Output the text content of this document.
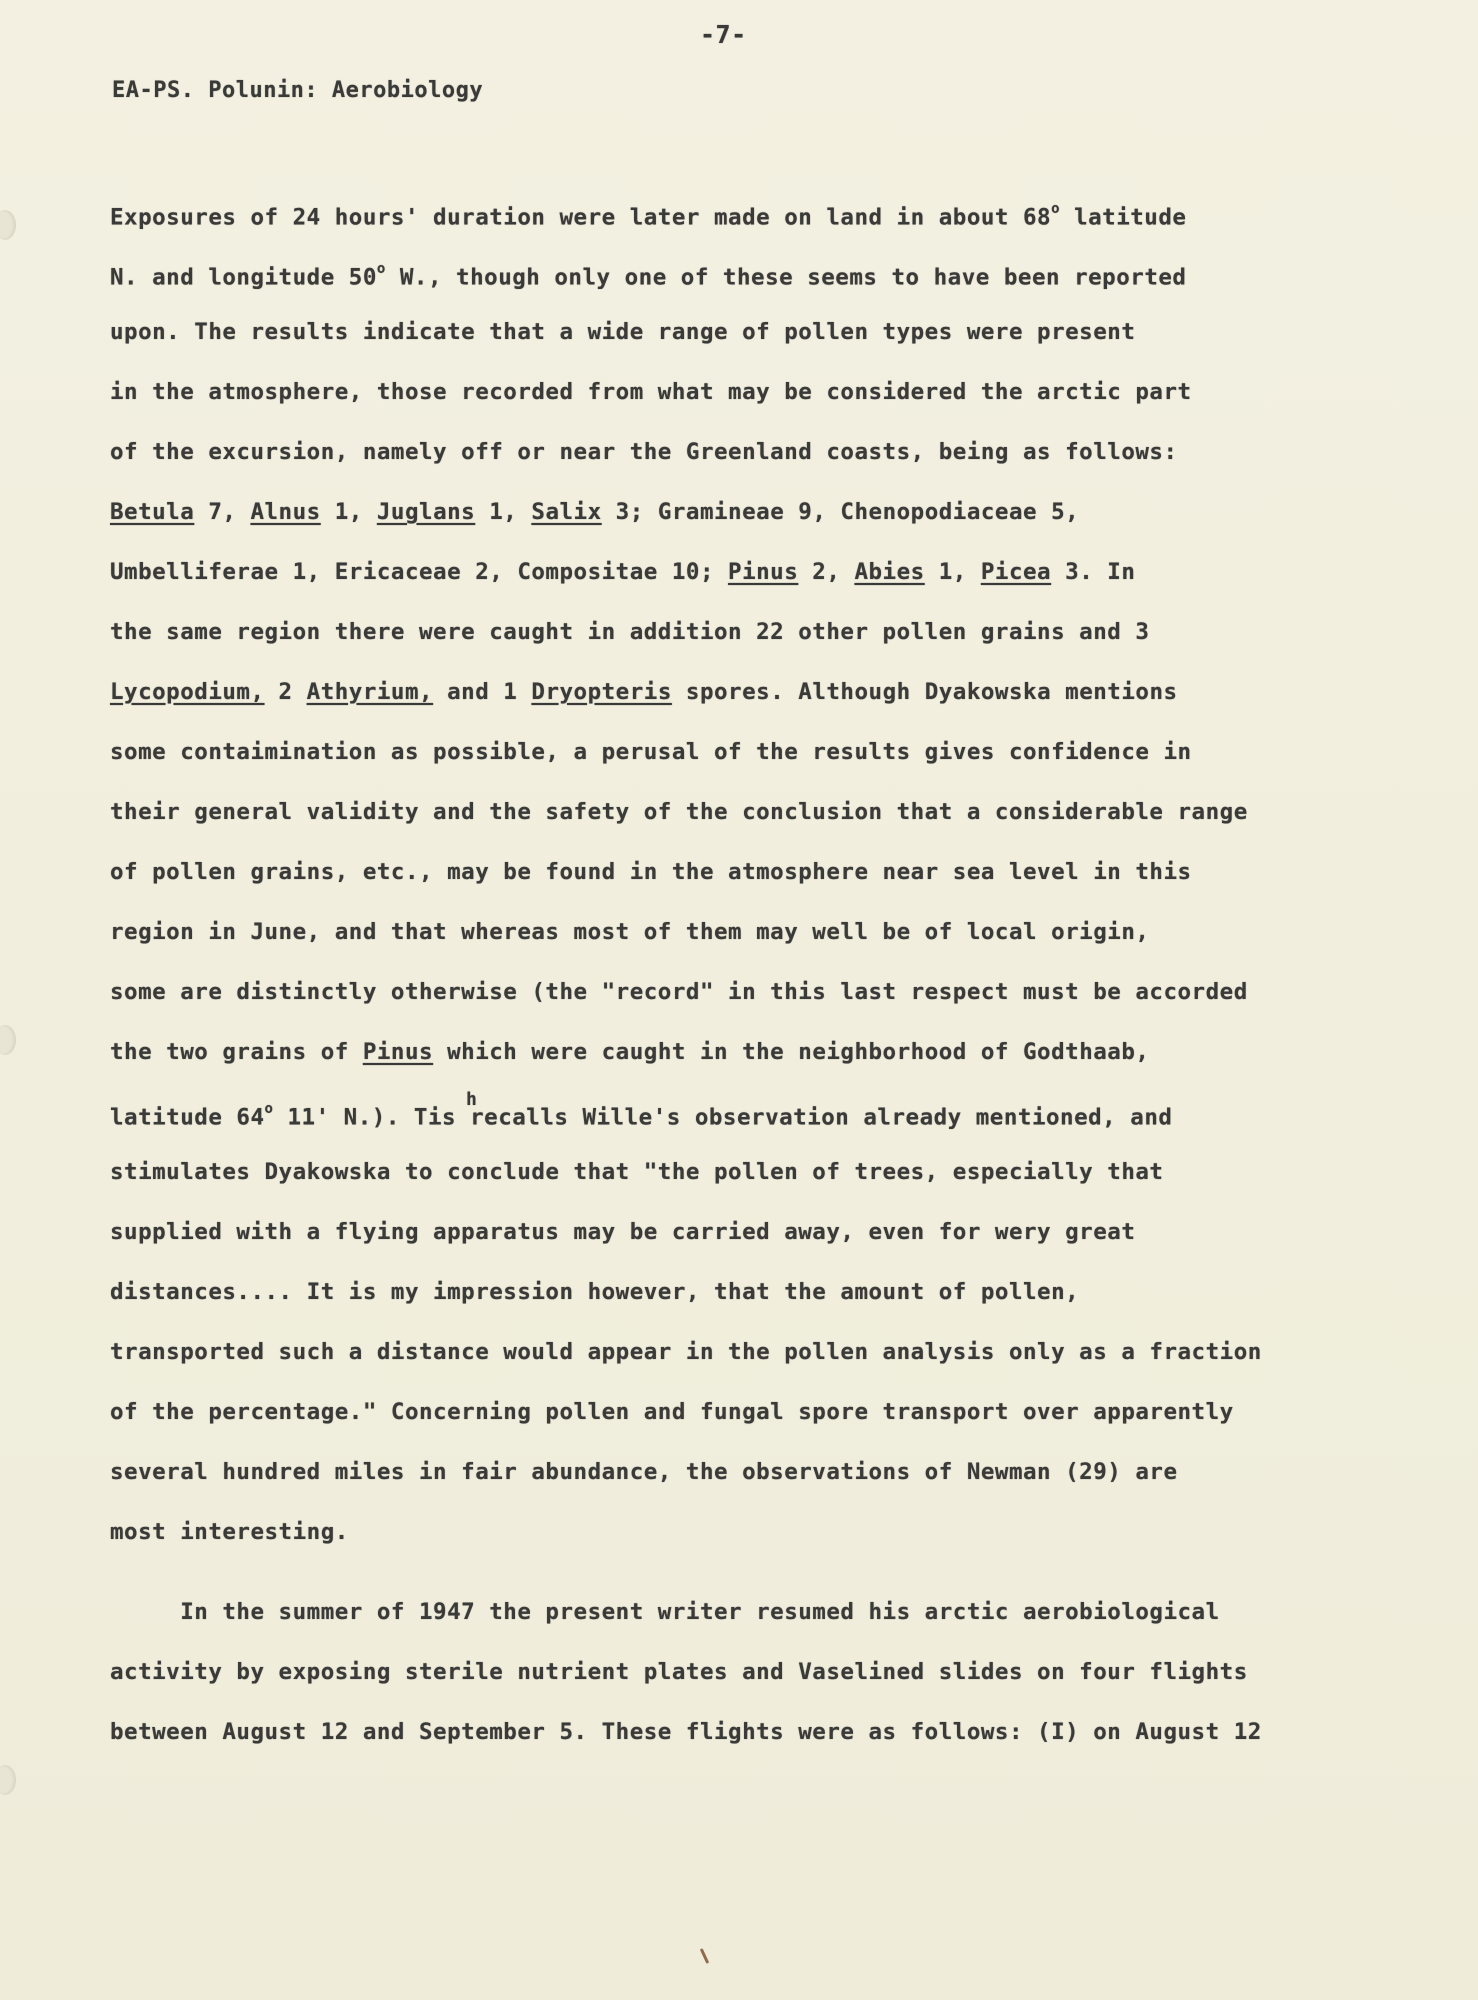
-7-
EA-PS. Polunin: Aerobiology
Exposures of 24 hours' duration were later made on land in about 68$^o$ latitude
N. and longitude 50$^o$ W., though only one of these seems to have been reported
upon. The results indicate that a wide range of pollen types were present
in the atmosphere, those recorded from what may be considered the arctic part
of the excursion, namely off or near the Greenland coasts, being as follows:
Betula 7, Alnus 1, Juglans 1, Salix 3; Gramineae 9, Chenopodiaceae 5,
Umbelliferae 1, Ericaceae 2, Compositae 10; Pinus 2, Abies 1, Picea 3. In
the same region there were caught in addition 22 other pollen grains and 3
Lycopodium, 2 Athyrium, and 1 Dryopteris spores. Although Dyakowska mentions
some contaimination as possible, a perusal of the results gives confidence in
their general validity and the safety of the conclusion that a considerable range
of pollen grains, etc., may be found in the atmosphere near sea level in this
region in June, and that whereas most of them may well be of local origin,
some are distinctly otherwise (the "record" in this last respect must be accorded
the two grains of Pinus which were caught in the neighborhood of Godthaab,
h
latitude 64$^o$ 11' N.). Tis recalls Wille's observation already mentioned, and
stimulates Dyakowska to conclude that "the pollen of trees, especially that
supplied with a flying apparatus may be carried away, even for wery great
distances.... It is my impression however, that the amount of pollen,
transported such a distance would appear in the pollen analysis only as a fraction
of the percentage." Concerning pollen and fungal spore transport over apparently
several hundred miles in fair abundance, the observations of Newman (29) are
most interesting.
In the summer of 1947 the present writer resumed his arctic aerobiological
activity by exposing sterile nutrient plates and Vaselined slides on four flights
between August 12 and September 5. These flights were as follows: (I) on August 12
